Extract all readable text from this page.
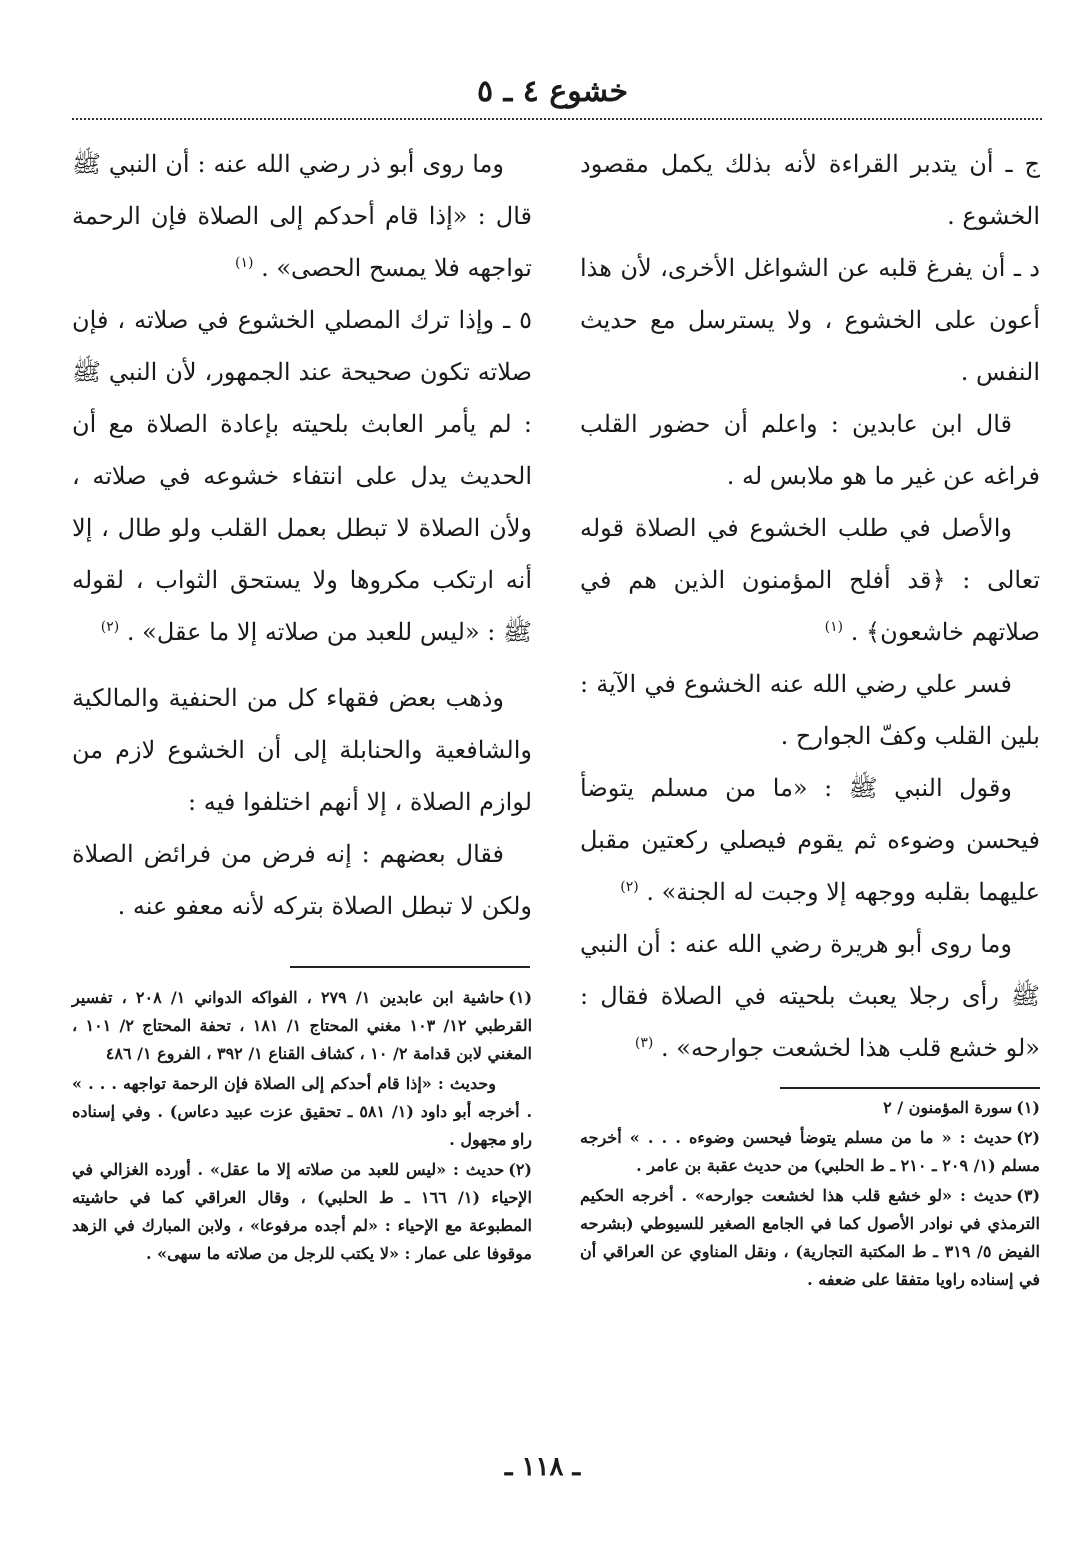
خشوع ٤ ـ ٥

ج ـ أن يتدبر القراءة لأنه بذلك يكمل مقصود الخشوع .

د ـ أن يفرغ قلبه عن الشواغل الأخرى، لأن هذا أعون على الخشوع ، ولا يسترسل مع حديث النفس .

قال ابن عابدين : واعلم أن حضور القلب فراغه عن غير ما هو ملابس له .

والأصل في طلب الخشوع في الصلاة قوله تعالى : ﴿قد أفلح المؤمنون الذين هم في صلاتهم خاشعون﴾ . $^{(١)}$

فسر علي رضي الله عنه الخشوع في الآية : بلين القلب وكفّ الجوارح .

وقول النبي ﷺ : «ما من مسلم يتوضأ فيحسن وضوءه ثم يقوم فيصلي ركعتين مقبل عليهما بقلبه ووجهه إلا وجبت له الجنة» . $^{(٢)}$

وما روى أبو هريرة رضي الله عنه : أن النبي ﷺ رأى رجلا يعبث بلحيته في الصلاة فقال : «لو خشع قلب هذا لخشعت جوارحه» . $^{(٣)}$

وما روى أبو ذر رضي الله عنه : أن النبي ﷺ قال : «إذا قام أحدكم إلى الصلاة فإن الرحمة تواجهه فلا يمسح الحصى» . $^{(١)}$

٥ ـ وإذا ترك المصلي الخشوع في صلاته ، فإن صلاته تكون صحيحة عند الجمهور، لأن النبي ﷺ : لم يأمر العابث بلحيته بإعادة الصلاة مع أن الحديث يدل على انتفاء خشوعه في صلاته ، ولأن الصلاة لا تبطل بعمل القلب ولو طال ، إلا أنه ارتكب مكروها ولا يستحق الثواب ، لقوله ﷺ : «ليس للعبد من صلاته إلا ما عقل» . $^{(٢)}$

وذهب بعض فقهاء كل من الحنفية والمالكية والشافعية والحنابلة إلى أن الخشوع لازم من لوازم الصلاة ، إلا أنهم اختلفوا فيه :

فقال بعضهم : إنه فرض من فرائض الصلاة ولكن لا تبطل الصلاة بتركه لأنه معفو عنه .

(١)سورة المؤمنون / ٢

(٢)حديث : « ما من مسلم يتوضأ فيحسن وضوءه . . . » أخرجه مسلم (١/ ٢٠٩ ـ ٢١٠ ـ ط الحلبي) من حديث عقبة بن عامر .

(٣)حديث : «لو خشع قلب هذا لخشعت جوارحه» . أخرجه الحكيم الترمذي في نوادر الأصول كما في الجامع الصغير للسيوطي (بشرحه الفيض ٥/ ٣١٩ ـ ط المكتبة التجارية) ، ونقل المناوي عن العراقي أن في إسناده راويا متفقا على ضعفه .

(١)حاشية ابن عابدين ١/ ٢٧٩ ، الفواكه الدواني ١/ ٢٠٨ ، تفسير القرطبي ١٢/ ١٠٣ مغني المحتاج ١/ ١٨١ ، تحفة المحتاج ٢/ ١٠١ ، المغني لابن قدامة ٢/ ١٠ ، كشاف القناع ١/ ٣٩٢ ، الفروع ١/ ٤٨٦

وحديث : «إذا قام أحدكم إلى الصلاة فإن الرحمة تواجهه . . . » . أخرجه أبو داود (١/ ٥٨١ ـ تحقيق عزت عبيد دعاس) . وفي إسناده راو مجهول .

(٢)حديث : «ليس للعبد من صلاته إلا ما عقل» . أورده الغزالي في الإحياء (١/ ١٦٦ ـ ط الحلبي) ، وقال العراقي كما في حاشيته المطبوعة مع الإحياء : «لم أجده مرفوعا» ، ولابن المبارك في الزهد موقوفا على عمار : «لا يكتب للرجل من صلاته ما سهى» .

ـ ١١٨ ـ
